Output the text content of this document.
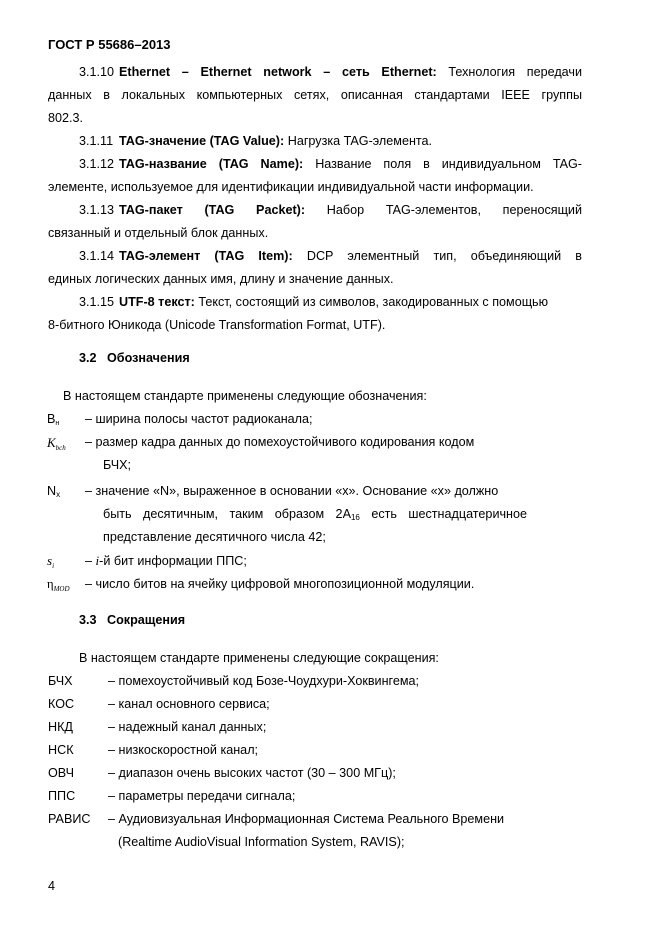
ГОСТ Р 55686–2013
3.1.10 Ethernet – Ethernet network – сеть Ethernet: Технология передачи
данных в локальных компьютерных сетях, описанная стандартами IEEE группы
802.3.
3.1.11 TAG-значение (TAG Value): Нагрузка TAG-элемента.
3.1.12 TAG-название (TAG Name): Название поля в индивидуальном TAG-
элементе, используемое для идентификации индивидуальной части информации.
3.1.13 TAG-пакет (TAG Packet): Набор TAG-элементов, переносящий
связанный и отдельный блок данных.
3.1.14 TAG-элемент (TAG Item): DCP элементный тип, объединяющий в
единых логических данных имя, длину и значение данных.
3.1.15 UTF-8 текст: Текст, состоящий из символов, закодированных с помощью
8-битного Юникода (Unicode Transformation Format, UTF).
3.2   Обозначения
В настоящем стандарте применены следующие обозначения:
Bн – ширина полосы частот радиоканала;
$K_{bch}$ – размер кадра данных до помехоустойчивого кодирования кодом
БЧХ;
Nx – значение «N», выраженное в основании «x». Основание «x» должно
быть десятичным, таким образом 2A16 есть шестнадцатеричное
представление десятичного числа 42;
$s_i - i-й$ бит информации ППС;
$\eta_{MOD}$ – число битов на ячейку цифровой многопозиционной модуляции.
3.3   Сокращения
В настоящем стандарте применены следующие сокращения:
БЧХ	– помехоустойчивый код Бозе-Чоудхури-Хоквингема;
КОС	– канал основного сервиса;
НКД	– надежный канал данных;
НСК	– низкоскоростной канал;
ОВЧ	– диапазон очень высоких частот (30 – 300 МГц);
ППС	– параметры передачи сигнала;
РАВИС – Аудиовизуальная Информационная Система Реального Времени
(Realtime AudioVisual Information System, RAVIS);
4
